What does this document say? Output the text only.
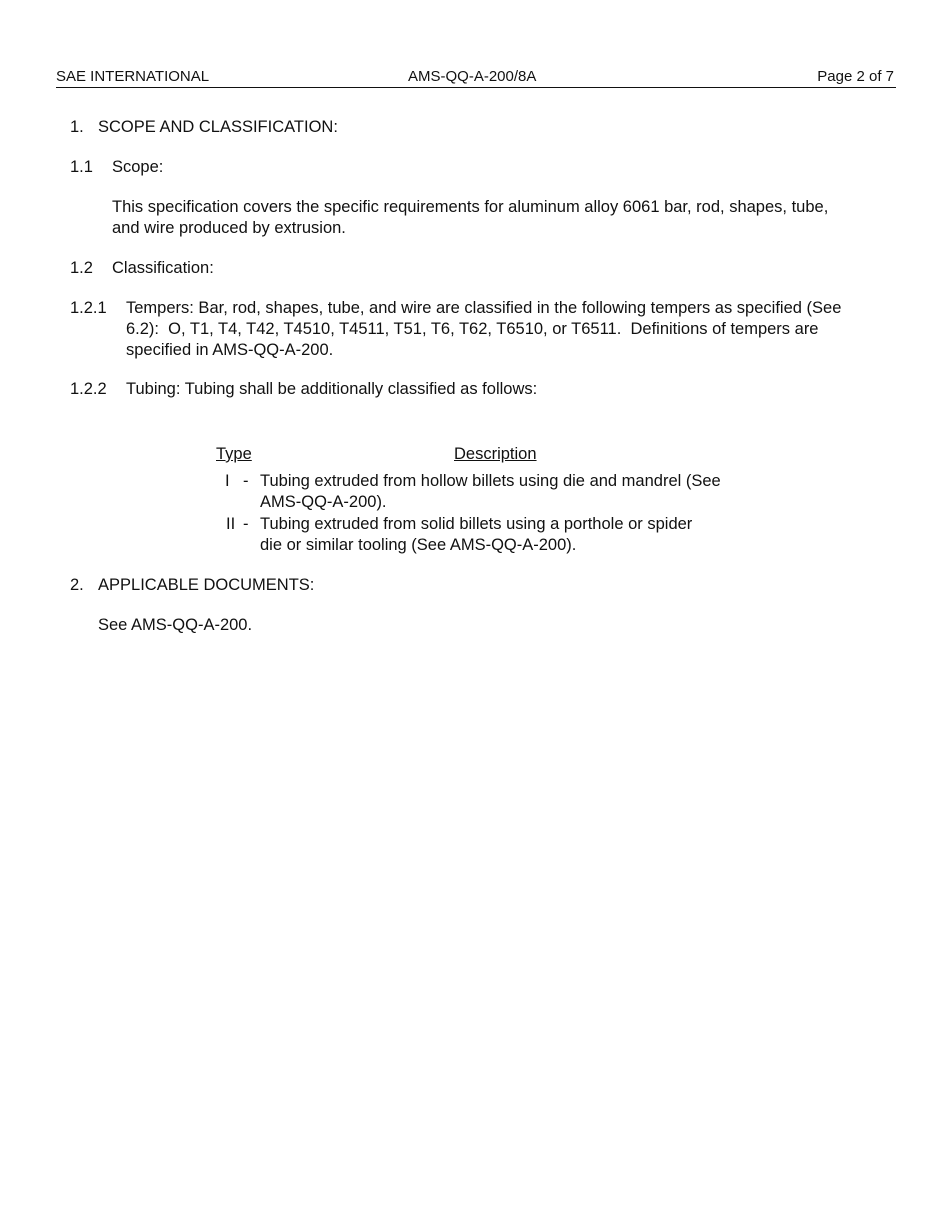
SAE INTERNATIONAL	AMS-QQ-A-200/8A	Page 2 of 7
1. SCOPE AND CLASSIFICATION:
1.1 Scope:
This specification covers the specific requirements for aluminum alloy 6061 bar, rod, shapes, tube,
and wire produced by extrusion.
1.2 Classification:
1.2.1 Tempers: Bar, rod, shapes, tube, and wire are classified in the following tempers as specified (See
6.2):  O, T1, T4, T42, T4510, T4511, T51, T6, T62, T6510, or T6511.  Definitions of tempers are
specified in AMS-QQ-A-200.
1.2.2 Tubing: Tubing shall be additionally classified as follows:
Type	Description
I - Tubing extruded from hollow billets using die and mandrel (See
AMS-QQ-A-200).
II - Tubing extruded from solid billets using a porthole or spider
die or similar tooling (See AMS-QQ-A-200).
2. APPLICABLE DOCUMENTS:
See AMS-QQ-A-200.
